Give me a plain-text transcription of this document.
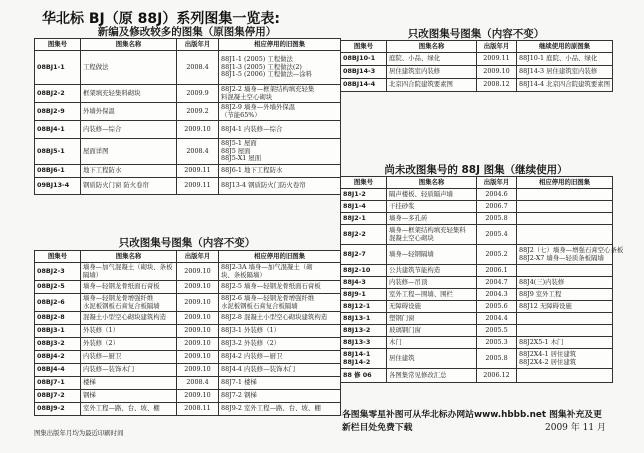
华北标 BJ（原 88J）系列图集一览表:
新编及修改较多的图集（原图集停用）
图集号	图集名称	出版年月	相应停用的旧图集
08BJ1-1	工程做法	2008.4	88J1-1 (2005) 工程做法
88J1-3 (2005) 工程做法(2)
88J1-5 (2006) 工程做法—涂料

08BJ2-2	框架填充轻集料砌块	2009.9	88J2-2 墙身—框架结构填充轻集
料混凝土空心砌块

08BJ2-9	外墙外保温	2009.2	88J2-9 墙身—外墙外保温
（节能65%）

08BJ4-1	内装修—综合	2009.10	88J4-1 内装修—综合

08BJ5-1	屋面详图	2008.4	88J5-1 屋面
88J5 屋面
88J5-X1 屋面

08BJ6-1	地下工程防水	2009.11	88J6-1 地下工程防水

09BJ13-4	钢质防火门窗 防火卷帘	2009.11	88J13-4 钢质防火门防火卷帘
只改图集号图集（内容不变）
图集号	图集名称	出版年月	相应停用的旧图集
08BJ2-3	墙身—加气混凝土（砌块、条板
隔墙）	2009.10	88J2-3A 墙身—加气混凝土（砌
块、条板隔墙）

08BJ2-5	墙身—轻钢龙骨纸面石膏板	2009.10	88J2-5 墙身—轻钢龙骨纸面石膏板

08BJ2-6	墙身—轻钢龙骨增强纤维
水泥板钢板石膏复合板隔墙	2009.10	88J2-6 墙身—轻钢龙骨增强纤维
水泥板钢板石膏复合板隔墙

08BJ2-8	混凝土小型空心砌块建筑构造	2009.10	88J2-8 混凝土小型空心砌块建筑构造

08BJ3-1	外装修（1）	2009.10	88J3-1 外装修（1）

08BJ3-2	外装修（2）	2009.10	88J3-2 外装修（2）

08BJ4-2	内装修—厨卫	2009.10	88J4-2 内装修—厨卫

08BJ4-4	内装修—装饰木门	2009.10	88J4-4 内装修—装饰木门

08BJ7-1	楼梯	2008.4	88J7-1 楼梯

08BJ7-2	钢梯	2009.10	88J7-2 钢梯

08BJ9-2	室外工程—路、台、坡、棚	2008.11	88J9-2 室外工程—路、台、坡、棚
只改图集号图集（内容不变）
图集号	图集名称	出版年月	继续使用的原图集
08BJ10-1	庭院、小品、绿化	2009.11	88J10-1 庭院、小品、绿化

08BJ14-3	居住建筑室内装修	2009.10	88J14-3 居住建筑室内装修

08BJ14-4	北京四合院建筑要素图	2008.12	88J14-4 北京四合院建筑要素图
尚未改图集号的 88J 图集（继续使用）
图集号	图集名称	出版年月	相应停用的旧图集
88J1-2	隔声楼板、轻质隔声墙	2004.6	
88J1-4	干挂砂浆	2006.7	
88J2-1	墙身—多孔砖	2005.8	
88J2-2	墙身—框架结构填充轻集料
混凝土空心砌块	2005.4	
88J2-7	墙身—轻钢隔墙	2005.2	88J2（七）墙身—增强石膏空心条板
88J2-X7 墙身—轻质条板隔墙

88J2-10	公共建筑节能构造	2006.1	
88J4-3	内装修—吊顶	2004.7	88J4(三)内装修

88J9-1	室外工程—围墙、围栏	2004.3	88J9 室外工程

88J12-1	无障碍设施	2005.6	88J12 无障碍设施

88J13-1	塑钢门窗	2004.4	
88J13-2	玻璃钢门窗	2005.5	
88J13-3	木门	2005.3	88J2X5-1 木门

88J14-1
88J14-2	居住建筑	2005.8	88J2X4-1 居住建筑
88J2X4-2 居住建筑

88 修 06	各图集常见修改汇总	2006.12	
各图集零星补图可从华北标办网站www.hbbb.net 图集补充及更
新栏目处免费下载	2009 年 11 月
图集出版年月均为最近印刷时间
